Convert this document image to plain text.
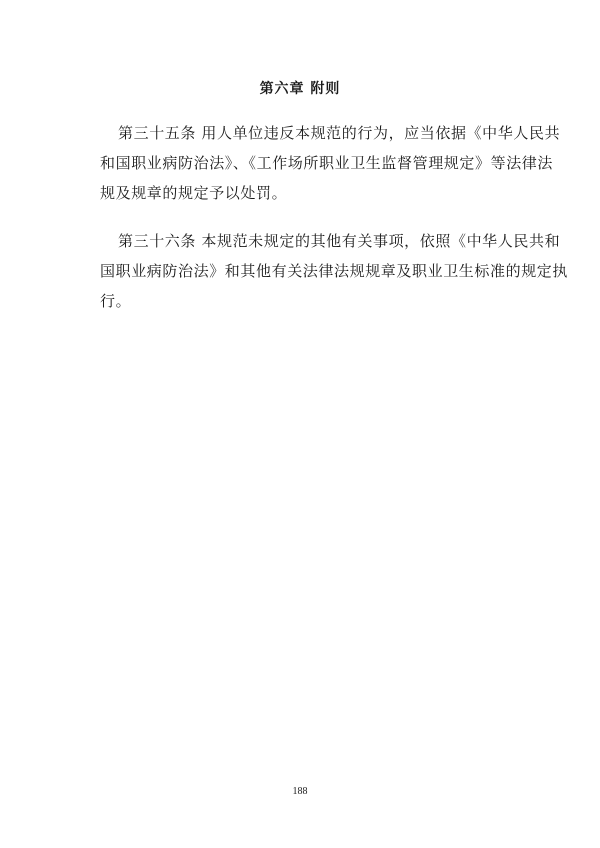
第六章 附则
第三十五条 用人单位违反本规范的行为，应当依据《中华人民共
和国职业病防治法》、《工作场所职业卫生监督管理规定》等法律法
规及规章的规定予以处罚。
第三十六条 本规范未规定的其他有关事项，依照《中华人民共和
国职业病防治法》和其他有关法律法规规章及职业卫生标准的规定执
行。
188
